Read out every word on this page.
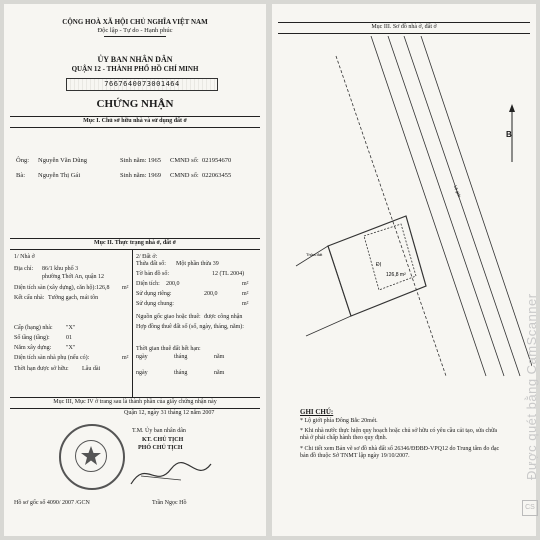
CỘNG HOÀ XÃ HỘI CHỦ NGHĨA VIỆT NAM
Độc lập - Tự do - Hạnh phúc
ỦY BAN NHÂN DÂN
QUẬN 12 - THÀNH PHỐ HỒ CHÍ MINH
7667640073001464
CHỨNG NHẬN
Mục I. Chủ sở hữu nhà và sử dụng đất ở
Ông: Nguyễn Văn Dũng	Sinh năm: 1965 CMND số: 021954670
Bà: Nguyễn Thị Gái	Sinh năm: 1969 CMND số: 022063455
Mục II. Thực trạng nhà ở, đất ở
1/ Nhà ở
Địa chỉ: 86/1 khu phố 3
phường Thới An, quận 12
Diện tích sàn (xây dựng), căn hộ): 126,8 m²
Kết cấu nhà: Tường gạch, mái tôn
Cấp (hạng) nhà: "X"
Số tầng (tầng):	01
Năm xây dựng: "X"
Diện tích sàn nhà phụ (nếu có):	m²
Thời hạn được sở hữu: Lâu dài
2/ Đất ở:
Thửa đất số: Một phần thửa 39
Tờ bản đồ số:	12 (TL 2004)
Diện tích: 200,0	m²
Sử dụng riêng:	200,0	m²
Sử dụng chung:	m²
Nguồn gốc giao hoặc thuê: được công nhận
Hợp đồng thuê đất số (số, ngày, tháng, năm):
Thời gian thuê đất hết hạn:
ngày	tháng	năm
ngày	tháng	năm
Mục III, Mục IV ở trang sau là thành phần của giấy chứng nhận này
Quận 12, ngày 31 tháng 12 năm 2007
T.M. Ủy ban nhân dân
KT. CHỦ TỊCH
PHÓ CHỦ TỊCH
Trần Ngọc Hồ
Hồ sơ gốc số 4090/ 2007 /GCN
Mục III. Sơ đồ nhà ở, đất ở
126,8 m²
ĐỊ
Thửa đất
Lộ giới
B
GHI CHÚ:
* Lộ giới phía Đông Bắc 20mét.
* Khi nhà nước thực hiện quy hoạch hoặc chủ sở hữu có yêu cầu cải tạo, sửa chữa nhà ở phải chấp hành theo quy định.
* Chi tiết xem Bản vẽ sơ đồ nhà đất số 26346/ĐĐBĐ-VPQ12 do Trung tâm đo đạc bản đồ thuộc Sở TNMT lập ngày 19/10/2007.	Được quét bằng CamScanner
CS
